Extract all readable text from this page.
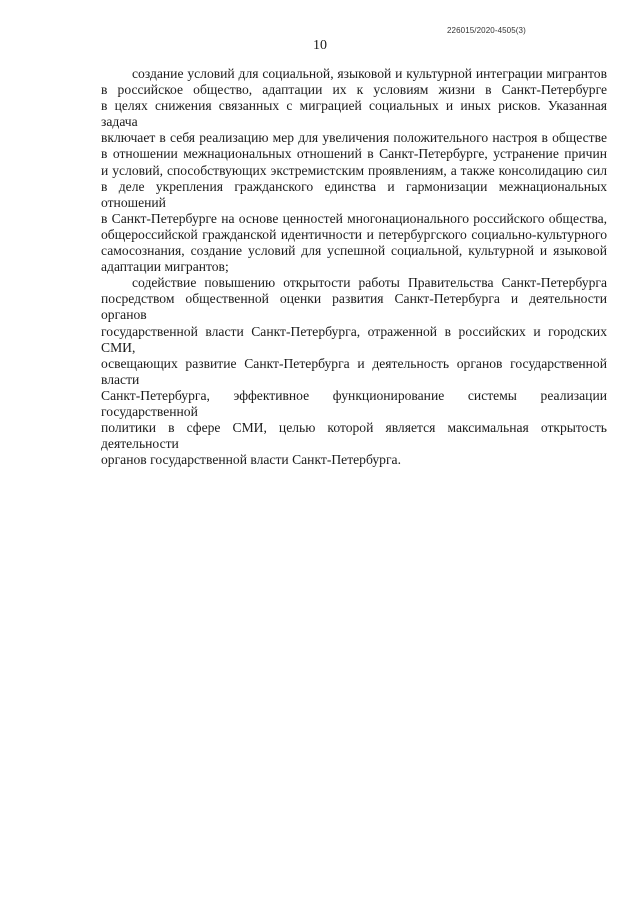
226015/2020-4505(3)
10
создание условий для социальной, языковой и культурной интеграции мигрантов
в российское общество, адаптации их к условиям жизни в Санкт-Петербурге
в целях снижения связанных с миграцией социальных и иных рисков. Указанная задача
включает в себя реализацию мер для увеличения положительного настроя в обществе
в отношении межнациональных отношений в Санкт-Петербурге, устранение причин
и условий, способствующих экстремистским проявлениям, а также консолидацию сил
в деле укрепления гражданского единства и гармонизации межнациональных отношений
в Санкт-Петербурге на основе ценностей многонационального российского общества,
общероссийской гражданской идентичности и петербургского социально-культурного
самосознания, создание условий для успешной социальной, культурной и языковой
адаптации мигрантов;
содействие повышению открытости работы Правительства Санкт-Петербурга
посредством общественной оценки развития Санкт-Петербурга и деятельности органов
государственной власти Санкт-Петербурга, отраженной в российских и городских СМИ,
освещающих развитие Санкт-Петербурга и деятельность органов государственной власти
Санкт-Петербурга, эффективное функционирование системы реализации государственной
политики в сфере СМИ, целью которой является максимальная открытость деятельности
органов государственной власти Санкт-Петербурга.
